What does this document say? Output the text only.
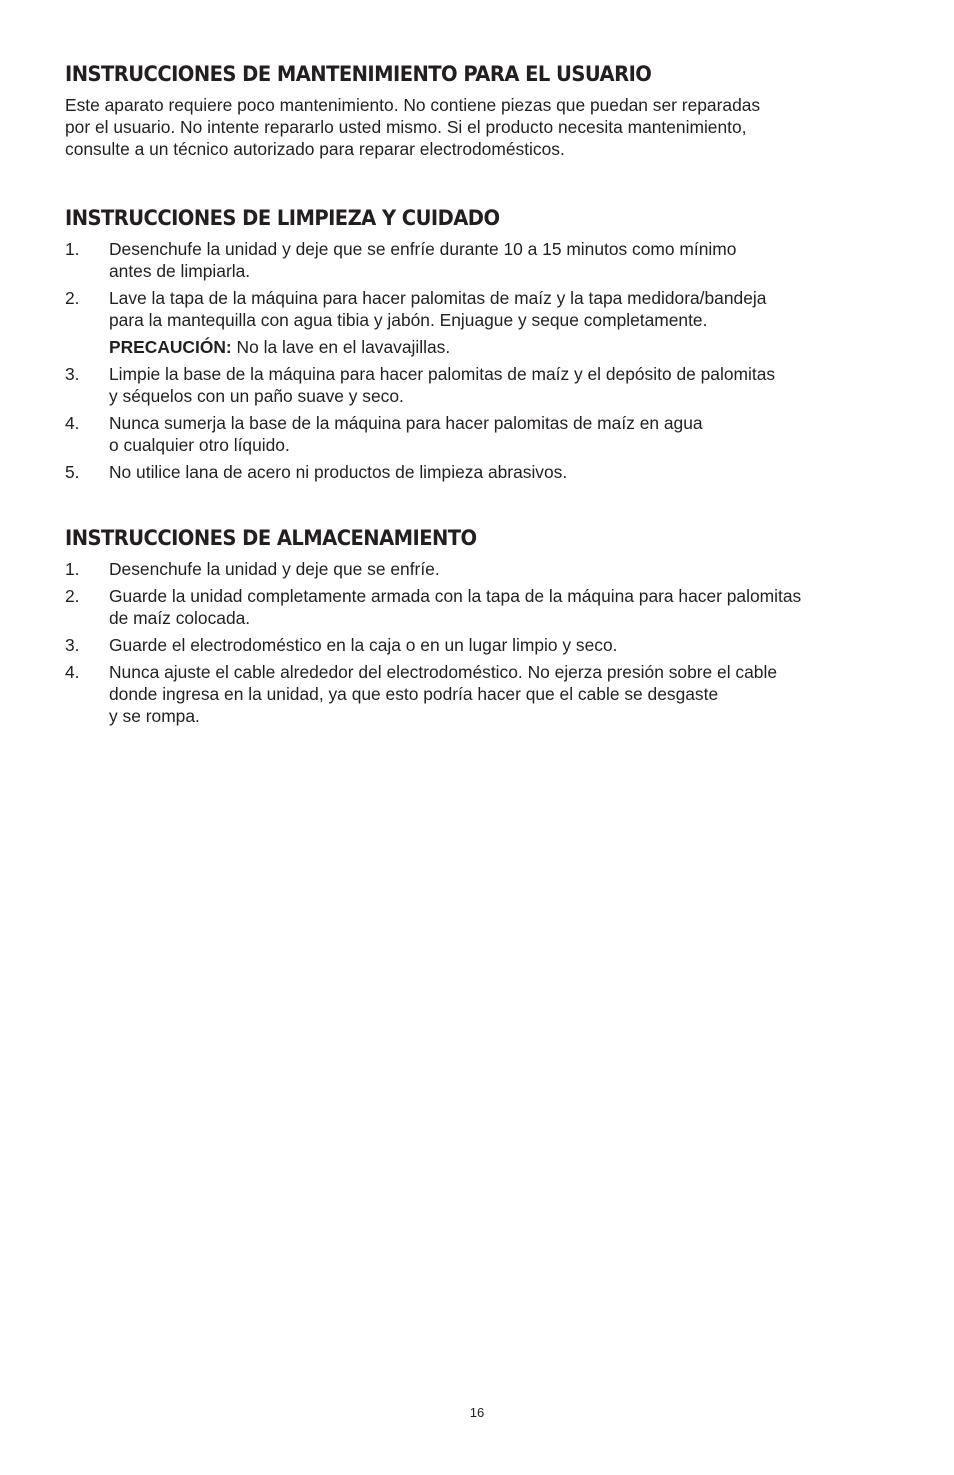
INSTRUCCIONES DE MANTENIMIENTO PARA EL USUARIO

Este aparato requiere poco mantenimiento. No contiene piezas que puedan ser reparadas
por el usuario. No intente repararlo usted mismo. Si el producto necesita mantenimiento,
consulte a un técnico autorizado para reparar electrodomésticos.

INSTRUCCIONES DE LIMPIEZA Y CUIDADO
1.	Desenchufe la unidad y deje que se enfríe durante 10 a 15 minutos como mínimo
antes de limpiarla.
2.	Lave la tapa de la máquina para hacer palomitas de maíz y la tapa medidora/bandeja
para la mantequilla con agua tibia y jabón. Enjuague y seque completamente.
PRECAUCIÓN: No la lave en el lavavajillas.
3.	Limpie la base de la máquina para hacer palomitas de maíz y el depósito de palomitas
y séquelos con un paño suave y seco.
4.	Nunca sumerja la base de la máquina para hacer palomitas de maíz en agua
o cualquier otro líquido.
5.	No utilice lana de acero ni productos de limpieza abrasivos.
INSTRUCCIONES DE ALMACENAMIENTO
1.	Desenchufe la unidad y deje que se enfríe.
2.	Guarde la unidad completamente armada con la tapa de la máquina para hacer palomitas
de maíz colocada.
3.	Guarde el electrodoméstico en la caja o en un lugar limpio y seco.
4.	Nunca ajuste el cable alrededor del electrodoméstico. No ejerza presión sobre el cable
donde ingresa en la unidad, ya que esto podría hacer que el cable se desgaste
y se rompa.
16
